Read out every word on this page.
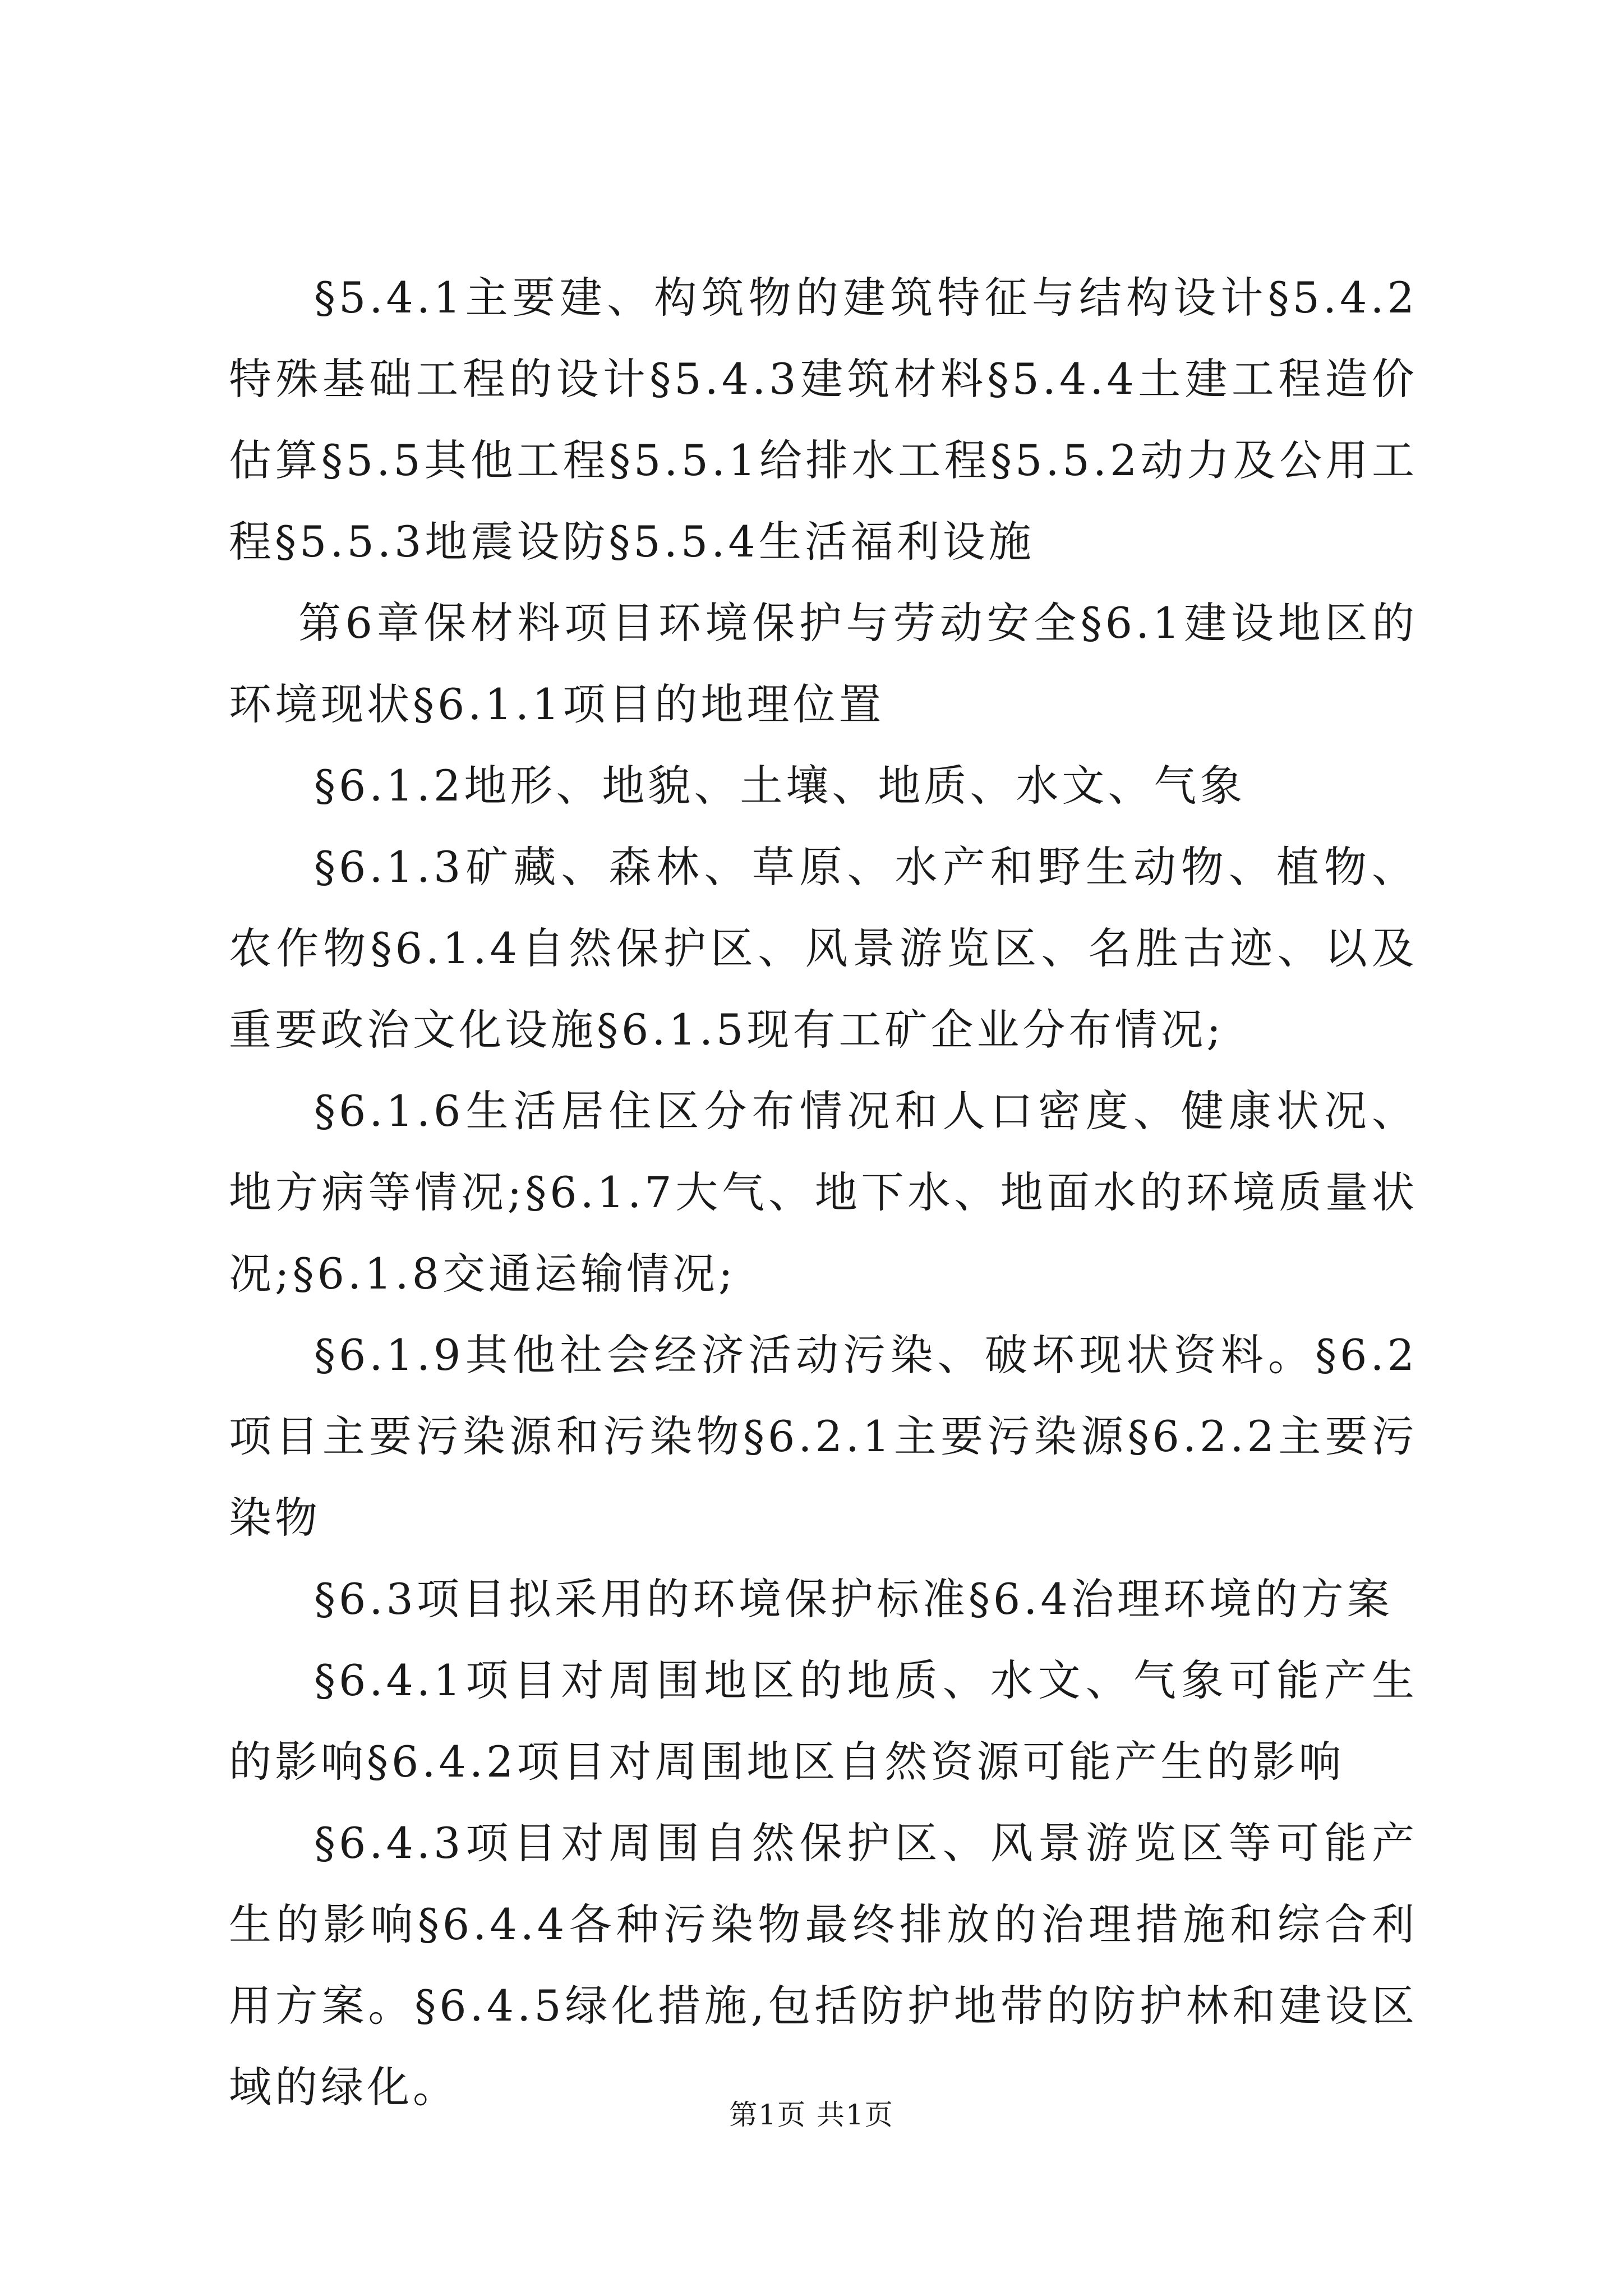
§5.4.1主要建、构筑物的建筑特征与结构设计§5.4.2特殊基础工程的设计§5.4.3建筑材料§5.4.4土建工程造价估算§5.5其他工程§5.5.1给排水工程§5.5.2动力及公用工程§5.5.3地震设防§5.5.4生活福利设施

第6章保材料项目环境保护与劳动安全§6.1建设地区的环境现状§6.1.1项目的地理位置

§6.1.2地形、地貌、土壤、地质、水文、气象

§6.1.3矿藏、森林、草原、水产和野生动物、植物、农作物§6.1.4自然保护区、风景游览区、名胜古迹、以及重要政治文化设施§6.1.5现有工矿企业分布情况;

§6.1.6生活居住区分布情况和人口密度、健康状况、地方病等情况;§6.1.7大气、地下水、地面水的环境质量状况;§6.1.8交通运输情况;

§6.1.9其他社会经济活动污染、破坏现状资料。§6.2项目主要污染源和污染物§6.2.1主要污染源§6.2.2主要污染物

§6.3项目拟采用的环境保护标准§6.4治理环境的方案

§6.4.1项目对周围地区的地质、水文、气象可能产生的影响§6.4.2项目对周围地区自然资源可能产生的影响

§6.4.3项目对周围自然保护区、风景游览区等可能产生的影响§6.4.4各种污染物最终排放的治理措施和综合利用方案。§6.4.5绿化措施,包括防护地带的防护林和建设区域的绿化。

第1页 共1页
